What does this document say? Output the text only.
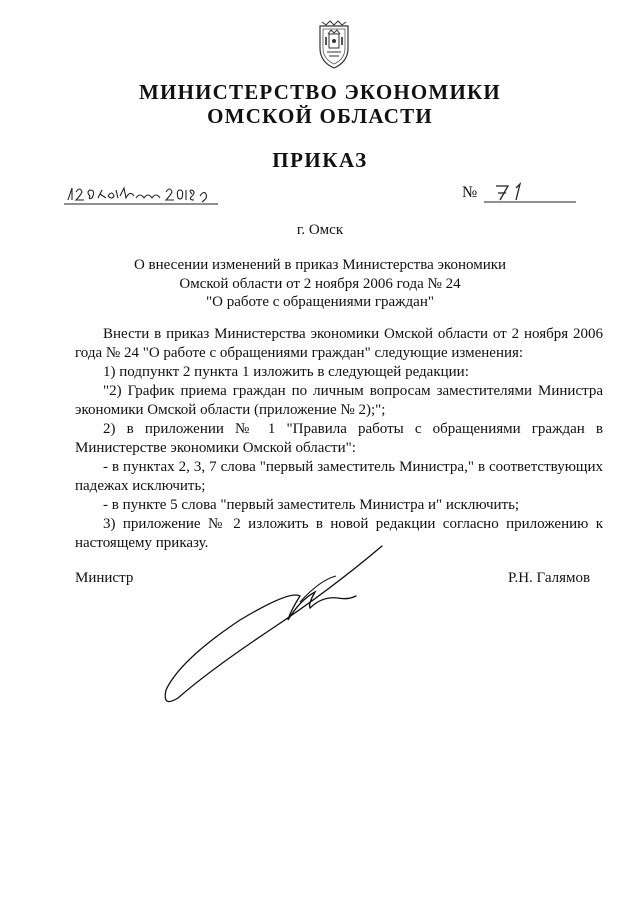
МИНИСТЕРСТВО ЭКОНОМИКИ
ОМСКОЙ ОБЛАСТИ
ПРИКАЗ
№
г. Омск
О внесении изменений в приказ Министерства экономики
Омской области от 2 ноября 2006 года № 24
"О работе с обращениями граждан"

Внести в приказ Министерства экономики Омской области от 2 ноября 2006 года № 24 "О работе с обращениями граждан" следующие изменения:

1) подпункт 2 пункта 1 изложить в следующей редакции:

"2) График приема граждан по личным вопросам заместителями Министра экономики Омской области (приложение № 2);";

2) в приложении № 1 "Правила работы с обращениями граждан в Министерстве экономики Омской области":

- в пунктах 2, 3, 7 слова "первый заместитель Министра," в соответствующих падежах исключить;

- в пункте 5 слова "первый заместитель Министра и" исключить;

3) приложение № 2 изложить в новой редакции согласно приложению к настоящему приказу.

Министр	Р.Н. Галямов
